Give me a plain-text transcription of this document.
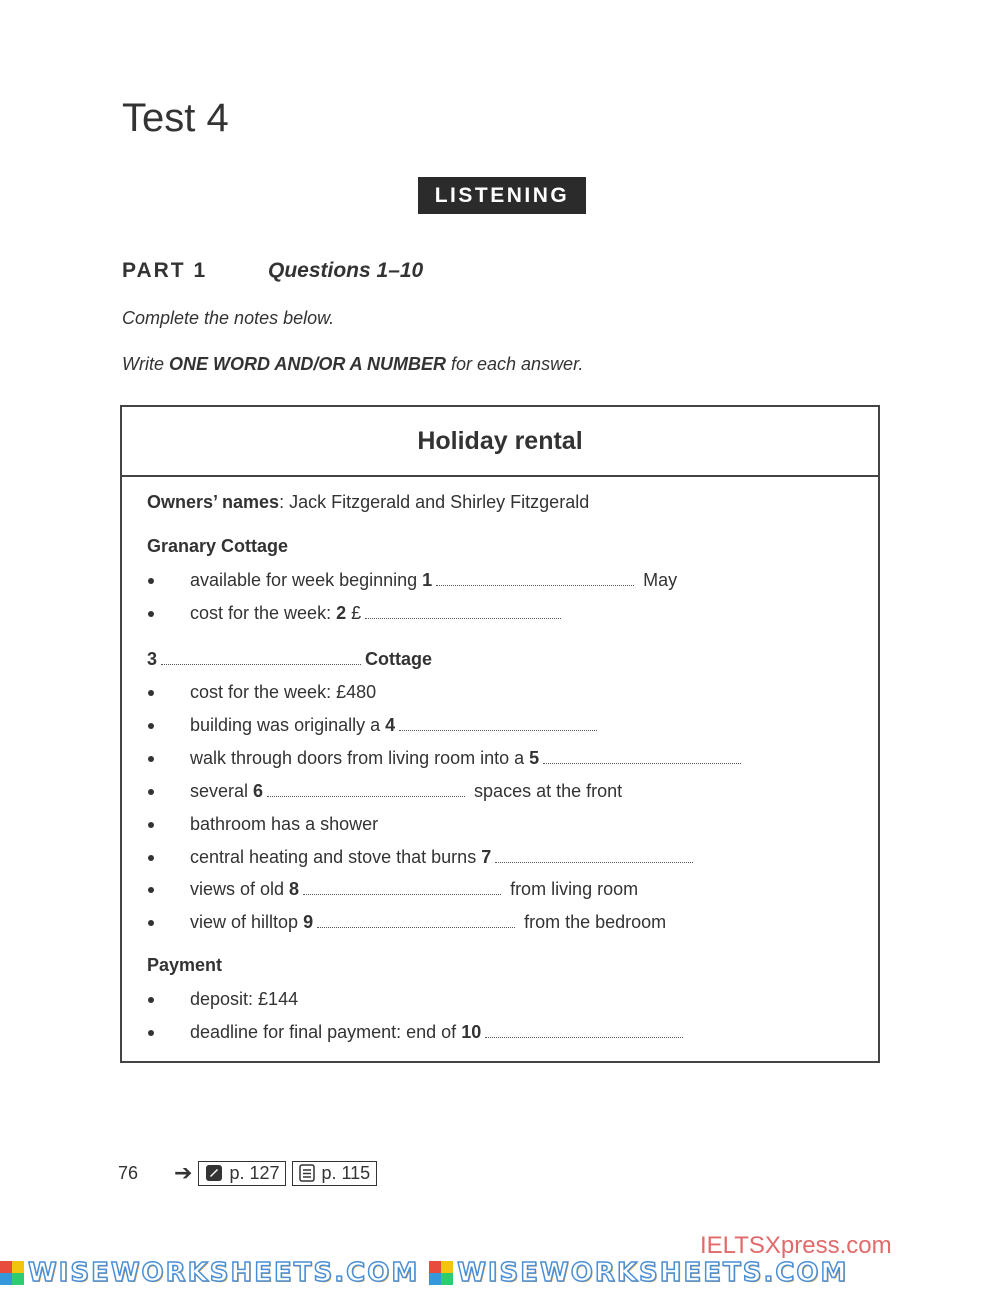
Test 4
LISTENING
PART 1	Questions 1–10
Complete the notes below.
Write ONE WORD AND/OR A NUMBER for each answer.
Holiday rental
Owners’ names: Jack Fitzgerald and Shirley Fitzgerald
Granary Cottage
available for week beginning 1	May
cost for the week: 2 £
3	Cottage
cost for the week: £480
building was originally a 4
walk through doors from living room into a 5
several 6	spaces at the front
bathroom has a shower
central heating and stove that burns 7
views of old 8	from living room
view of hilltop 9	from the bedroom
Payment
deposit: £144
deadline for final payment: end of 10
76	➔ p. 127 p. 115
IELTSXpress.com
WISEWORKSHEETS.COM WISEWORKSHEETS.COM
